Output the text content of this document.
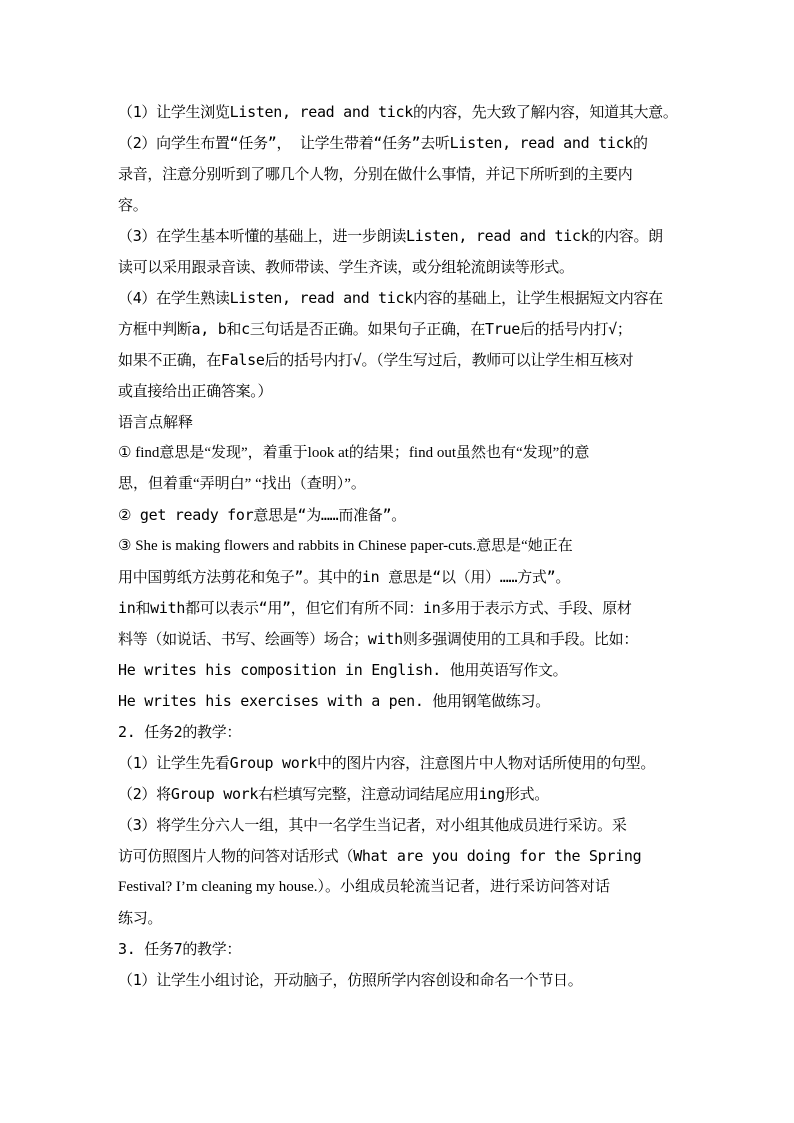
（1）让学生浏览Listen, read and tick的内容，先大致了解内容，知道其大意。
（2）向学生布置“任务”， 让学生带着“任务”去听Listen, read and tick的
录音，注意分别听到了哪几个人物，分别在做什么事情，并记下所听到的主要内
容。
（3）在学生基本听懂的基础上，进一步朗读Listen, read and tick的内容。朗
读可以采用跟录音读、教师带读、学生齐读，或分组轮流朗读等形式。
（4）在学生熟读Listen, read and tick内容的基础上，让学生根据短文内容在
方框中判断a, b和c三句话是否正确。如果句子正确，在True后的括号内打√；
如果不正确，在False后的括号内打√。（学生写过后，教师可以让学生相互核对
或直接给出正确答案。）
语言点解释
① find意思是“发现”，着重于look at的结果；find out虽然也有“发现”的意
思，但着重“弄明白” “找出（查明）”。
② get ready for意思是“为……而准备”。
③ She is making flowers and rabbits in Chinese paper-cuts.意思是“她正在
用中国剪纸方法剪花和兔子”。其中的in 意思是“以（用）……方式”。
in和with都可以表示“用”，但它们有所不同：in多用于表示方式、手段、原材
料等（如说话、书写、绘画等）场合；with则多强调使用的工具和手段。比如：
He writes his composition in English. 他用英语写作文。
He writes his exercises with a pen. 他用钢笔做练习。
2. 任务2的教学：
（1）让学生先看Group work中的图片内容，注意图片中人物对话所使用的句型。
（2）将Group work右栏填写完整，注意动词结尾应用ing形式。
（3）将学生分六人一组，其中一名学生当记者，对小组其他成员进行采访。采
访可仿照图片人物的问答对话形式（What are you doing for the Spring
Festival? I’m cleaning my house.）。小组成员轮流当记者，进行采访问答对话
练习。
3. 任务7的教学：
（1）让学生小组讨论，开动脑子，仿照所学内容创设和命名一个节日。
